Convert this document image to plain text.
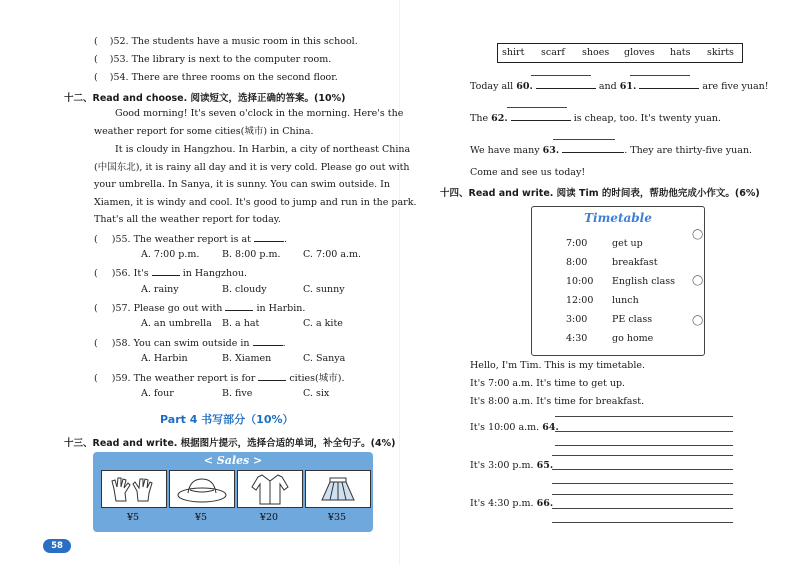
( )52. The students have a music room in this school.
( )53. The library is next to the computer room.
( )54. There are three rooms on the second floor.
十二、Read and choose. 阅读短文，选择正确的答案。(10%)
Good morning! It's seven o'clock in the morning. Here's the
weather report for some cities(城市) in China.
It is cloudy in Hangzhou. In Harbin, a city of northeast China
(中国东北), it is rainy all day and it is very cold. Please go out with
your umbrella. In Sanya, it is sunny. You can swim outside. In
Xiamen, it is windy and cool. It's good to jump and run in the park.
That's all the weather report for today.
( )55. The weather report is at	.
A. 7:00 p.m. B. 8:00 p.m. C. 7:00 a.m.
( )56. It's	in Hangzhou.
A. rainy	B. cloudy	C. sunny
( )57. Please go out with	in Harbin.
A. an umbrella B. a hat	C. a kite
( )58. You can swim outside in	.
A. Harbin	B. Xiamen	C. Sanya
( )59. The weather report is for	cities(城市).
A. four	B. five	C. six
Part 4 书写部分（10%）
十三、Read and write. 根据图片提示，选择合适的单词，补全句子。(4%)
< Sales >
¥5	¥5	¥20	¥35
58
shirt scarf shoes gloves hats skirts
Today all 60.	and 61.	are five yuan!
The 62.	is cheap, too. It's twenty yuan.
We have many 63.	. They are thirty-five yuan.
Come and see us today!
十四、Read and write. 阅读 Tim 的时间表，帮助他完成小作文。(6%)
Timetable
7:00	get up
8:00	breakfast
10:00 English class
12:00 lunch
3:00	PE class
4:30	go home
◯
◯
◯
Hello, I'm Tim. This is my timetable.
It's 7:00 a.m. It's time to get up.
It's 8:00 a.m. It's time for breakfast.
It's 10:00 a.m. 64.
It's 3:00 p.m. 65.
It's 4:30 p.m. 66.
